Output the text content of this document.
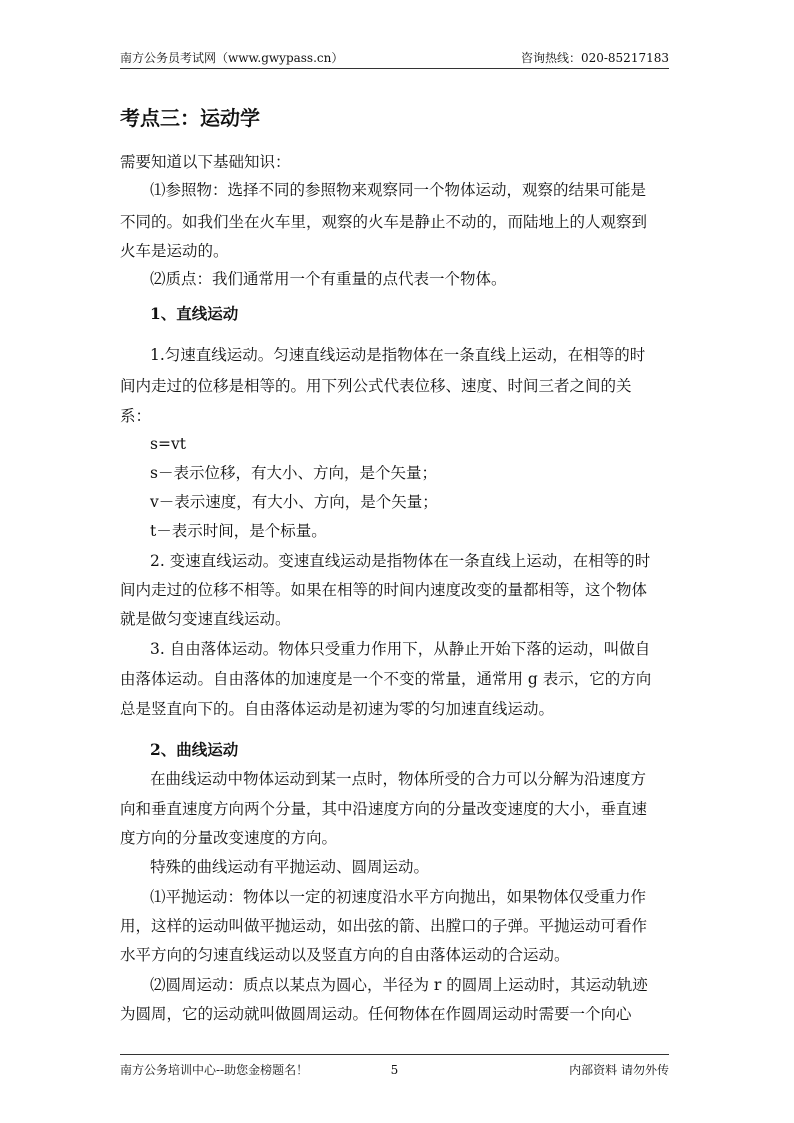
南方公务员考试网（www.gwypass.cn）	咨询热线：020-85217183
考点三：运动学
需要知道以下基础知识：
⑴参照物：选择不同的参照物来观察同一个物体运动，观察的结果可能是
不同的。如我们坐在火车里，观察的火车是静止不动的，而陆地上的人观察到
火车是运动的。
⑵质点：我们通常用一个有重量的点代表一个物体。
1、直线运动
1.匀速直线运动。匀速直线运动是指物体在一条直线上运动，在相等的时
间内走过的位移是相等的。用下列公式代表位移、速度、时间三者之间的关
系：
s=vt
s－表示位移，有大小、方向，是个矢量；
v－表示速度，有大小、方向，是个矢量；
t－表示时间，是个标量。
2. 变速直线运动。变速直线运动是指物体在一条直线上运动，在相等的时
间内走过的位移不相等。如果在相等的时间内速度改变的量都相等，这个物体
就是做匀变速直线运动。
3. 自由落体运动。物体只受重力作用下，从静止开始下落的运动，叫做自
由落体运动。自由落体的加速度是一个不变的常量，通常用 g 表示，它的方向
总是竖直向下的。自由落体运动是初速为零的匀加速直线运动。
2、曲线运动
在曲线运动中物体运动到某一点时，物体所受的合力可以分解为沿速度方
向和垂直速度方向两个分量，其中沿速度方向的分量改变速度的大小，垂直速
度方向的分量改变速度的方向。
特殊的曲线运动有平抛运动、圆周运动。
⑴平抛运动：物体以一定的初速度沿水平方向抛出，如果物体仅受重力作
用，这样的运动叫做平抛运动，如出弦的箭、出膛口的子弹。平抛运动可看作
水平方向的匀速直线运动以及竖直方向的自由落体运动的合运动。
⑵圆周运动：质点以某点为圆心，半径为 r 的圆周上运动时，其运动轨迹
为圆周，它的运动就叫做圆周运动。任何物体在作圆周运动时需要一个向心
南方公务培训中心--助您金榜题名！	5	内部资料 请勿外传
